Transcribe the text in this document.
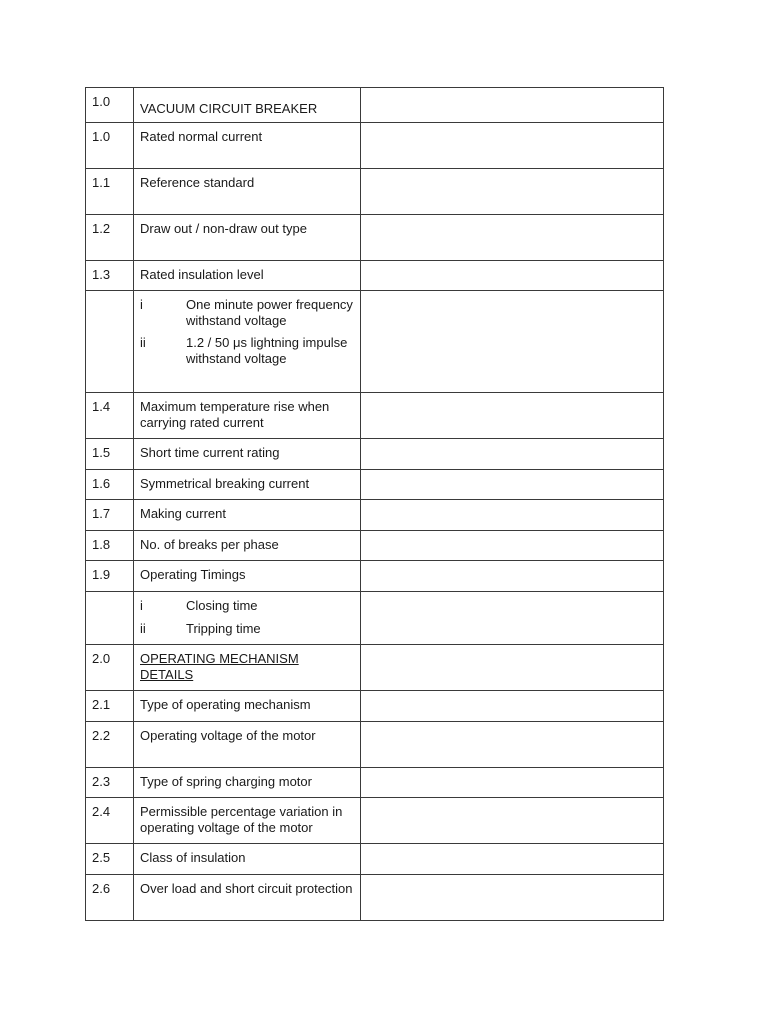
1.0	VACUUM CIRCUIT BREAKER	

1.0	Rated normal current	

1.1	Reference standard	

1.2	Draw out / non-draw out type	

1.3	Rated insulation level	

	i One minute power frequency withstand voltage
ii 1.2 / 50 μs lightning impulse withstand voltage	

1.4	Maximum temperature rise when carrying rated current	

1.5	Short time current rating	

1.6	Symmetrical breaking current	

1.7	Making current	

1.8	No. of breaks per phase	

1.9	Operating Timings	

	i Closing time
ii Tripping time	

2.0	OPERATING MECHANISM DETAILS	

2.1	Type of operating mechanism	

2.2	Operating voltage of the motor	

2.3	Type of spring charging motor	

2.4	Permissible percentage variation in operating voltage of the motor	

2.5	Class of insulation	

2.6	Over load and short circuit protection	
